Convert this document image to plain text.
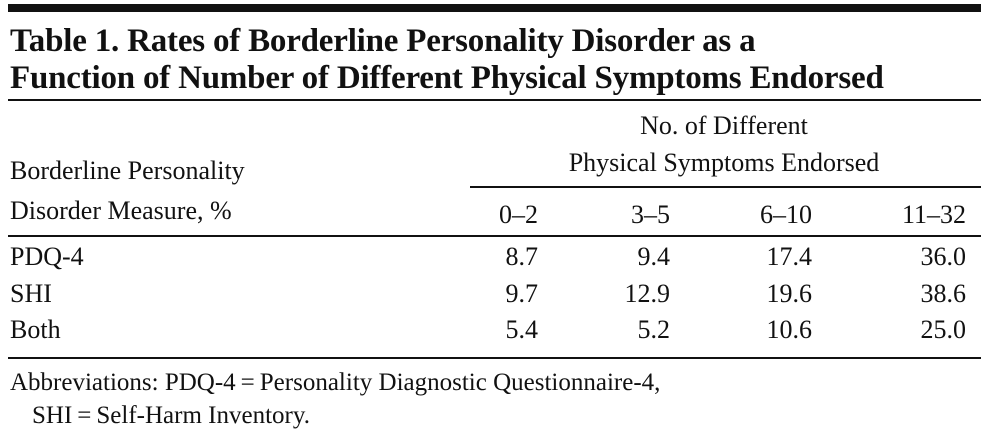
Table 1. Rates of Borderline Personality Disorder as a
Function of Number of Different Physical Symptoms Endorsed
Borderline Personality
Disorder Measure, %
No. of Different
Physical Symptoms Endorsed
0–2	3–5	6–10	11–32
PDQ-4	8.7	9.4	17.4	36.0
SHI	9.7	12.9	19.6	38.6
Both	5.4	5.2	10.6	25.0
Abbreviations: PDQ-4 = Personality Diagnostic Questionnaire-4,
SHI = Self-Harm Inventory.
